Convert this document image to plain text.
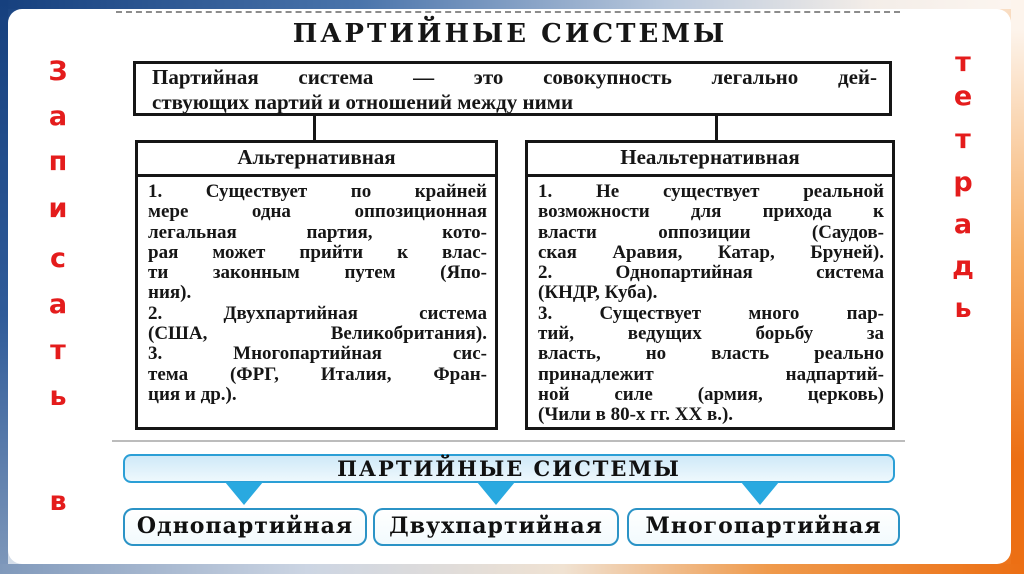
в
З
а
п
и
с
а
т
ь
т
е
т
р
а
д
ь
ПАРТИЙНЫЕ СИСТЕМЫ
Партийная система — это совокупность легально дей-
ствующих партий и отношений между ними
Альтернативная
1. Существует по крайней
мере одна оппозиционная
легальная партия, кото-
рая может прийти к влас-
ти законным путем (Япо-
ния).
2. Двухпартийная система
(США, Великобритания).
3. Многопартийная сис-
тема (ФРГ, Италия, Фран-
ция и др.).
Неальтернативная
1. Не существует реальной
возможности для прихода к
власти оппозиции (Саудов-
ская Аравия, Катар, Бруней).
2. Однопартийная система
(КНДР, Куба).
3. Существует много пар-
тий, ведущих борьбу за
власть, но власть реально
принадлежит надпартий-
ной силе (армия, церковь)
(Чили в 80-х гг. XX в.).
ПАРТИЙНЫЕ СИСТЕМЫ
Однопартийная	Двухпартийная	Многопартийная
